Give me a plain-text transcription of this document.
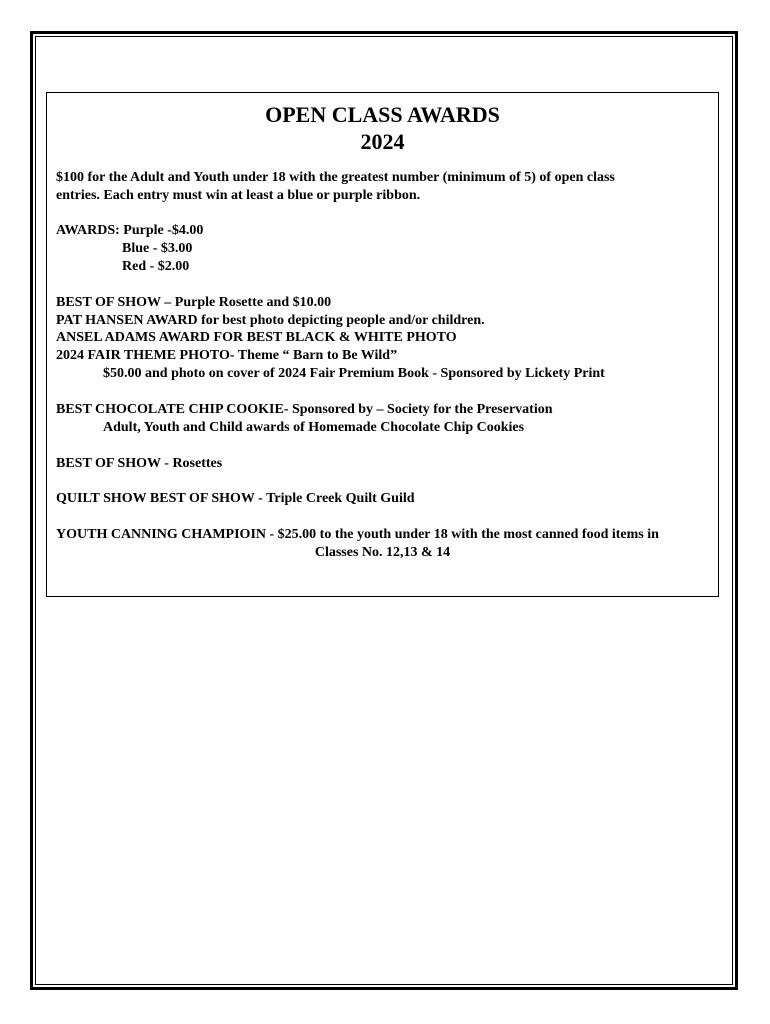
OPEN CLASS AWARDS
2024
$100 for the Adult and Youth under 18 with the greatest number (minimum of 5) of open class
entries. Each entry must win at least a blue or purple ribbon.
AWARDS: Purple -$4.00
Blue - $3.00
Red - $2.00
BEST OF SHOW – Purple Rosette and $10.00
PAT HANSEN AWARD for best photo depicting people and/or children.
ANSEL ADAMS AWARD FOR BEST BLACK & WHITE PHOTO
2024 FAIR THEME PHOTO- Theme “ Barn to Be Wild”
$50.00 and photo on cover of 2024 Fair Premium Book - Sponsored by Lickety Print
BEST CHOCOLATE CHIP COOKIE- Sponsored by – Society for the Preservation
Adult, Youth and Child awards of Homemade Chocolate Chip Cookies
BEST OF SHOW - Rosettes
QUILT SHOW BEST OF SHOW - Triple Creek Quilt Guild
YOUTH CANNING CHAMPIOIN - $25.00 to the youth under 18 with the most canned food items in
Classes No. 12,13 & 14
